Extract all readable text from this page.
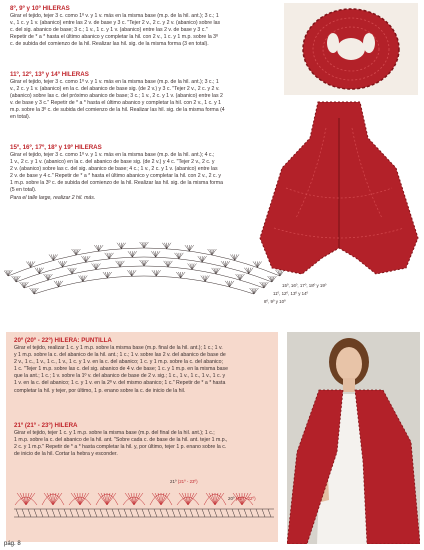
8º, 9º y 10º HILERAS
Girar el tejido, tejer 3 c. como 1º v. y 1 v. más en la misma base (m.p. de la hil. ant.); 3 c.; 1
v., 1 c. y 1 v. (abanico) entre las 2 v. de base y 3 c. "Tejer 2 v., 2 c. y 2 v. (abanico) sobre las
c. del sig. abanico de base; 3 c.; 1 v., 1 c. y 1 v. (abanico) entre las 2 v. de base y 3 c."
Repetir de * a * hasta el último abanico y completar la hil. con 2 v., 1 c. y 1 m.p. sobre la 3º
c. de subida del comienzo de la hil. Realizar las hil. sig. de la misma forma (3 en total).
11º, 12º, 13º y 14º HILERAS
Girar el tejido, tejer 3 c. como 1º v. y 1 v. más en la misma base (m.p. de la hil. ant.); 3 c.; 1
v., 2 c. y 1 v. (abanico) en la c. del abanico de base sig. (de 2 v.) y 3 c. "Tejer 2 v., 2 c. y 2 v.
(abanico) sobre las c. del próximo abanico de base; 3 c.; 1 v., 2 c. y 1 v. (abanico) entre las 2
v. de base y 3 c." Repetir de * a * hasta el último abanico y completar la hil. con 2 v., 1 c. y 1
m.p. sobre la 3º c. de subida del comienzo de la hil. Realizar las hil. sig. de la misma forma (4
en total).
15º, 16º, 17º, 18º y 19º HILERAS
Girar el tejido, tejer 3 c. como 1º v. y 1 v. más en la misma base (m.p. de la hil. ant.); 4 c.;
1 v., 2 c. y 1 v. (abanico) en la c. del abanico de base sig. (de 2 v.) y 4 c. "Tejer 2 v., 2 c. y
2 v. (abanico) sobre las c. del sig. abanico de base; 4 c.; 1 v., 2 c. y 1 v. (abanico) entre las
2 v. de base y 4 c." Repetir de * a * hasta el último abanico y completar la hil. con 2 v., 2 c. y
1 m.p. sobre la 3º c. de subida del comienzo de la hil. Realizar las hil. sig. de la misma forma
(5 en total).
Para el talle large, realizar 2 hil. más.
15º, 16º, 17º, 18º y 19º
11º, 12º, 13º y 14º
8º, 9º y 10º
20º (20º - 22º) HILERA: PUNTILLA
Girar el tejido, realizar 1 c. y 1 m.p. sobre la misma base (m.p. final de la hil. ant.); 1 c.; 1 v.
y 1 m.p. sobre la c. del abanico de la hil. ant.; 1 c.; 1 v. sobre las 2 v. del abanico de base de
2 v., 1 c., 1 v., 1 c., 1 v., 1 c. y 1 v. en la c. del abanico; 1 c. y 1 m.p. sobre la c. del abanico;
1 c. "Tejer 1 m.p. sobre las c. del sig. abanico de 4 v. de base; 1 c. y 1 m.p. en la misma base
que la ant.; 1 c.; 1 v. sobre la 1º v. del abanico de base de 2 v. sig.; 1 c., 1 v., 1 c., 1 v., 1 c. y
1 v. en la c. del abanico; 1 c. y 1 v. en la 2º v. del mismo abanico; 1 c." Repetir de * a * hasta
completar la hil. y tejer, por último, 1 p. enano sobre la c. de inicio de la hil.
21º (21º - 23º) HILERA
Girar el tejido, tejer 1 c. y 1 m.p. sobre la misma base (m.p. del final de la hil. ant.); 1 c.;
1 m.p. sobre la c. del abanico de la hil. ant. "Sobre cada c. de base de la hil. ant. tejer 1 m.p.,
2 c. y 1 m.p." Repetir de * a * hasta completar la hil. y, por último, tejer 1 p. enano sobre la c.
de inicio de la hil. Cortar la hebra y esconder.
21º (21º - 23º)
20º (20º - 22º)
pág. 8
